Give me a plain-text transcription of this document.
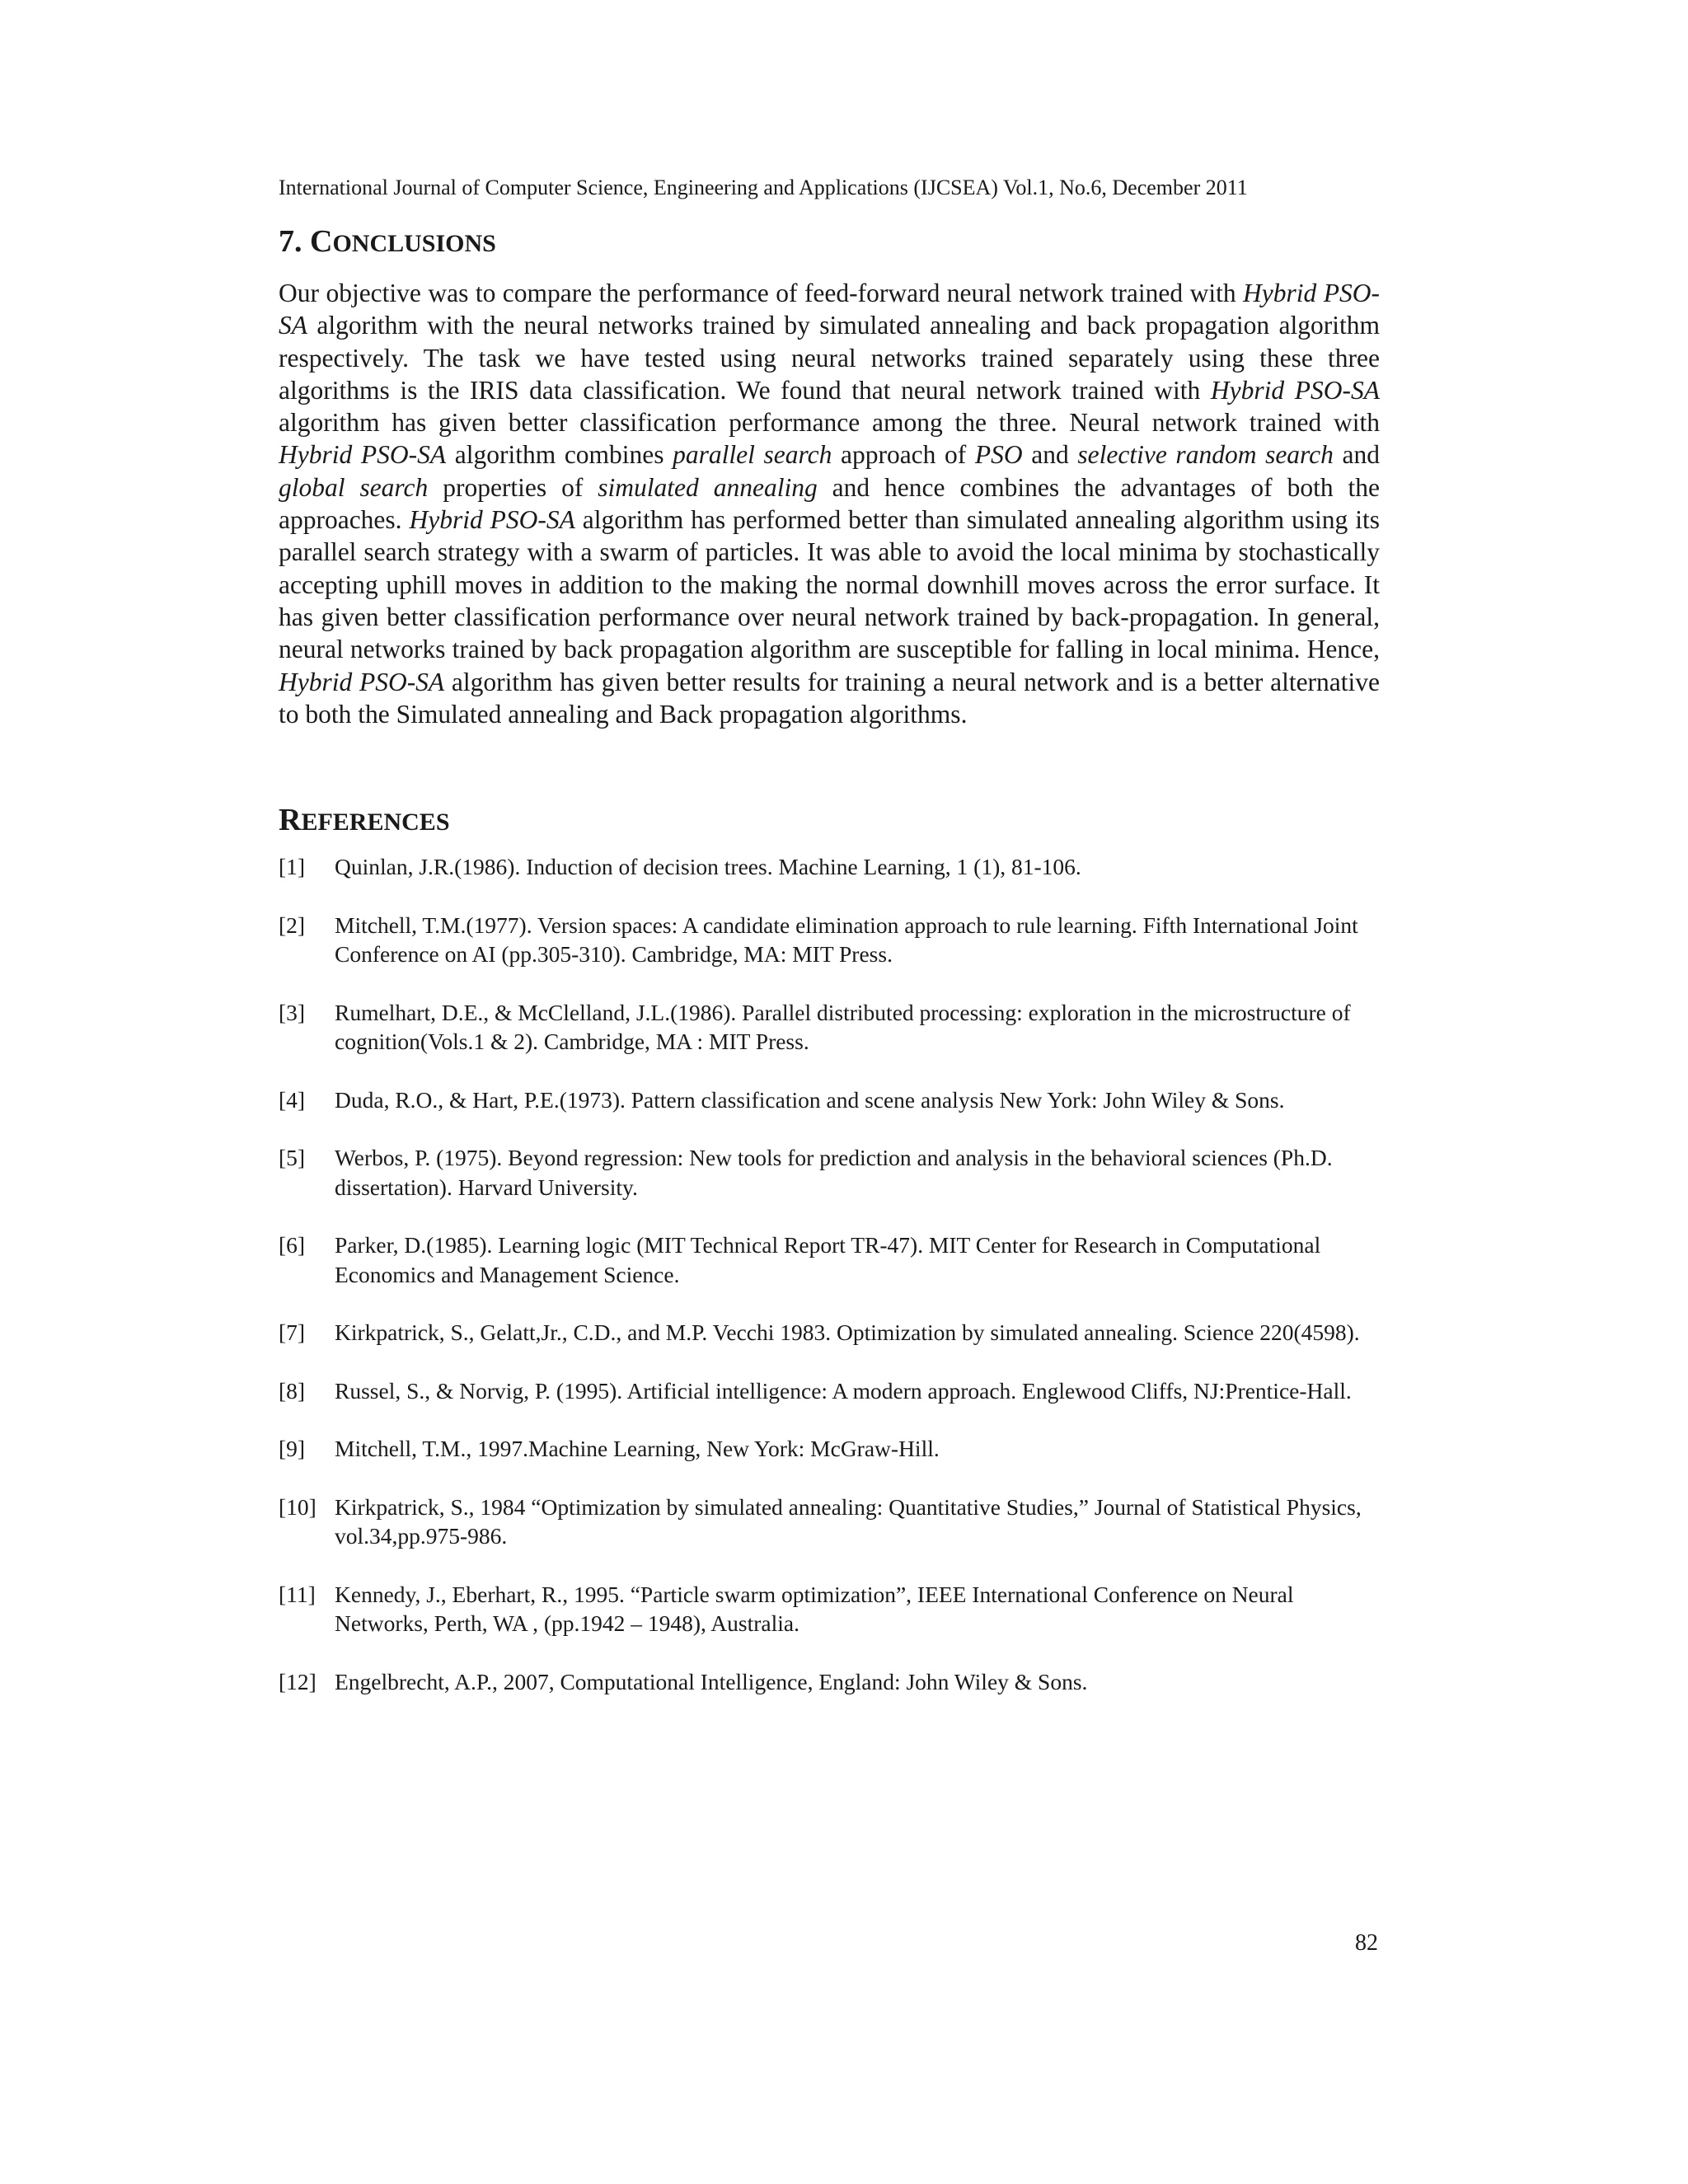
International Journal of Computer Science, Engineering and Applications (IJCSEA) Vol.1, No.6, December 2011
7. CONCLUSIONS
Our objective was to compare the performance of feed-forward neural network trained with Hybrid PSO-SA algorithm with the neural networks trained by simulated annealing and back propagation algorithm respectively. The task we have tested using neural networks trained separately using these three algorithms is the IRIS data classification. We found that neural network trained with Hybrid PSO-SA algorithm has given better classification performance among the three. Neural network trained with Hybrid PSO-SA algorithm combines parallel search approach of PSO and selective random search and global search properties of simulated annealing and hence combines the advantages of both the approaches. Hybrid PSO-SA algorithm has performed better than simulated annealing algorithm using its parallel search strategy with a swarm of particles. It was able to avoid the local minima by stochastically accepting uphill moves in addition to the making the normal downhill moves across the error surface. It has given better classification performance over neural network trained by back-propagation. In general, neural networks trained by back propagation algorithm are susceptible for falling in local minima. Hence, Hybrid PSO-SA algorithm has given better results for training a neural network and is a better alternative to both the Simulated annealing and Back propagation algorithms.
REFERENCES
[1]	Quinlan, J.R.(1986). Induction of decision trees. Machine Learning, 1 (1), 81-106.
[2]	Mitchell, T.M.(1977). Version spaces: A candidate elimination approach to rule learning. Fifth International Joint Conference on AI (pp.305-310). Cambridge, MA: MIT Press.
[3]	Rumelhart, D.E., & McClelland, J.L.(1986). Parallel distributed processing: exploration in the microstructure of cognition(Vols.1 & 2). Cambridge, MA : MIT Press.
[4]	Duda, R.O., & Hart, P.E.(1973). Pattern classification and scene analysis New York: John Wiley & Sons.
[5]	Werbos, P. (1975). Beyond regression: New tools for prediction and analysis in the behavioral sciences (Ph.D. dissertation). Harvard University.
[6]	Parker, D.(1985). Learning logic (MIT Technical Report TR-47). MIT Center for Research in Computational Economics and Management Science.
[7]	Kirkpatrick, S., Gelatt,Jr., C.D., and M.P. Vecchi 1983. Optimization by simulated annealing. Science 220(4598).
[8]	Russel, S., & Norvig, P. (1995). Artificial intelligence: A modern approach. Englewood Cliffs, NJ:Prentice-Hall.
[9]	Mitchell, T.M., 1997.Machine Learning, New York: McGraw-Hill.
[10] Kirkpatrick, S., 1984 “Optimization by simulated annealing: Quantitative Studies,” Journal of Statistical Physics, vol.34,pp.975-986.
[11] Kennedy, J., Eberhart, R., 1995. “Particle swarm optimization”, IEEE International Conference on Neural Networks, Perth, WA , (pp.1942 – 1948), Australia.
[12] Engelbrecht, A.P., 2007, Computational Intelligence, England: John Wiley & Sons.
82
